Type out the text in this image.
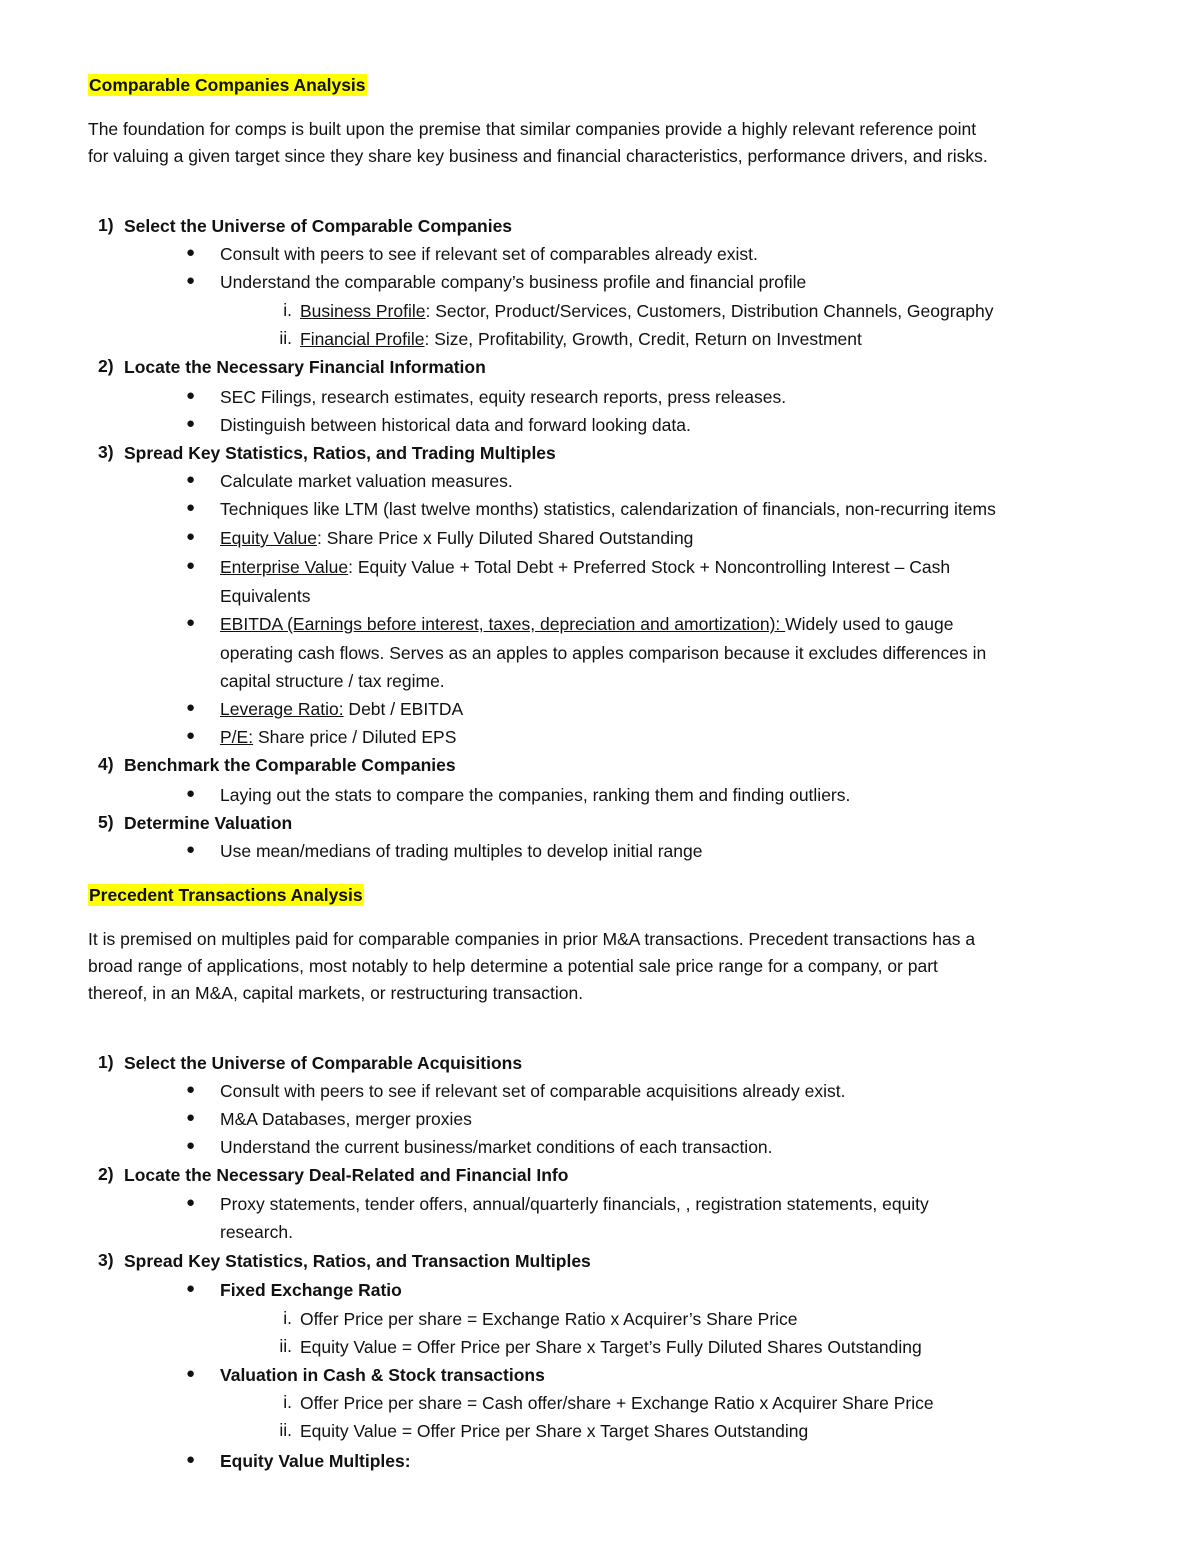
Comparable Companies Analysis
The foundation for comps is built upon the premise that similar companies provide a highly relevant reference point
for valuing a given target since they share key business and financial characteristics, performance drivers, and risks.
1) Select the Universe of Comparable Companies
● Consult with peers to see if relevant set of comparables already exist.
● Understand the comparable company’s business profile and financial profile
i. Business Profile: Sector, Product/Services, Customers, Distribution Channels, Geography
ii. Financial Profile: Size, Profitability, Growth, Credit, Return on Investment
2) Locate the Necessary Financial Information
● SEC Filings, research estimates, equity research reports, press releases.
● Distinguish between historical data and forward looking data.
3) Spread Key Statistics, Ratios, and Trading Multiples
● Calculate market valuation measures.
● Techniques like LTM (last twelve months) statistics, calendarization of financials, non-recurring items
● Equity Value: Share Price x Fully Diluted Shared Outstanding
● Enterprise Value: Equity Value + Total Debt + Preferred Stock + Noncontrolling Interest – Cash
Equivalents
● EBITDA (Earnings before interest, taxes, depreciation and amortization): Widely used to gauge
operating cash flows. Serves as an apples to apples comparison because it excludes differences in
capital structure / tax regime.
● Leverage Ratio: Debt / EBITDA
● P/E: Share price / Diluted EPS
4) Benchmark the Comparable Companies
● Laying out the stats to compare the companies, ranking them and finding outliers.
5) Determine Valuation
● Use mean/medians of trading multiples to develop initial range
Precedent Transactions Analysis
It is premised on multiples paid for comparable companies in prior M&A transactions. Precedent transactions has a
broad range of applications, most notably to help determine a potential sale price range for a company, or part
thereof, in an M&A, capital markets, or restructuring transaction.
1) Select the Universe of Comparable Acquisitions
● Consult with peers to see if relevant set of comparable acquisitions already exist.
● M&A Databases, merger proxies
● Understand the current business/market conditions of each transaction.
2) Locate the Necessary Deal-Related and Financial Info
● Proxy statements, tender offers, annual/quarterly financials, , registration statements, equity
research.
3) Spread Key Statistics, Ratios, and Transaction Multiples
● Fixed Exchange Ratio
i. Offer Price per share = Exchange Ratio x Acquirer’s Share Price
ii. Equity Value = Offer Price per Share x Target’s Fully Diluted Shares Outstanding
● Valuation in Cash & Stock transactions
i. Offer Price per share = Cash offer/share + Exchange Ratio x Acquirer Share Price
ii. Equity Value = Offer Price per Share x Target Shares Outstanding
● Equity Value Multiples:
